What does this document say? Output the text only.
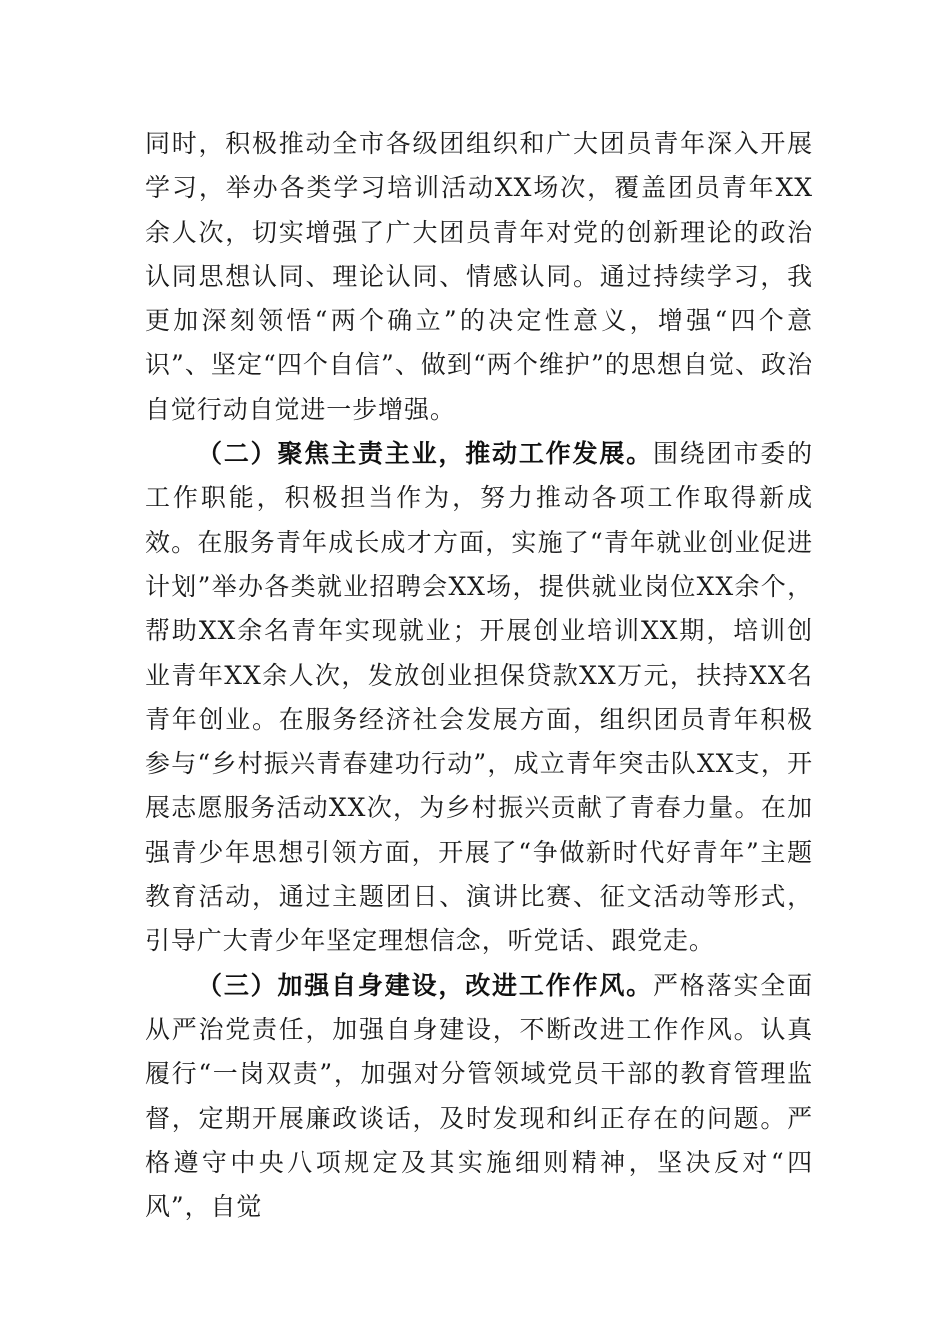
同时，积极推动全市各级团组织和广大团员青年深入开展学习，举办各类学习培训活动XX场次，覆盖团员青年XX余人次，切实增强了广大团员青年对党的创新理论的政治认同思想认同、理论认同、情感认同。通过持续学习，我更加深刻领悟“两个确立”的决定性意义，增强“四个意识”、坚定“四个自信”、做到“两个维护”的思想自觉、政治自觉行动自觉进一步增强。

（二）聚焦主责主业，推动工作发展。围绕团市委的工作职能，积极担当作为，努力推动各项工作取得新成效。在服务青年成长成才方面，实施了“青年就业创业促进计划”举办各类就业招聘会XX场，提供就业岗位XX余个，帮助XX余名青年实现就业；开展创业培训XX期，培训创业青年XX余人次，发放创业担保贷款XX万元，扶持XX名青年创业。在服务经济社会发展方面，组织团员青年积极参与“乡村振兴青春建功行动”，成立青年突击队XX支，开展志愿服务活动XX次，为乡村振兴贡献了青春力量。在加强青少年思想引领方面，开展了“争做新时代好青年”主题教育活动，通过主题团日、演讲比赛、征文活动等形式，引导广大青少年坚定理想信念，听党话、跟党走。

（三）加强自身建设，改进工作作风。严格落实全面从严治党责任，加强自身建设，不断改进工作作风。认真履行“一岗双责”，加强对分管领域党员干部的教育管理监督，定期开展廉政谈话，及时发现和纠正存在的问题。严格遵守中央八项规定及其实施细则精神，坚决反对“四风”，自觉
